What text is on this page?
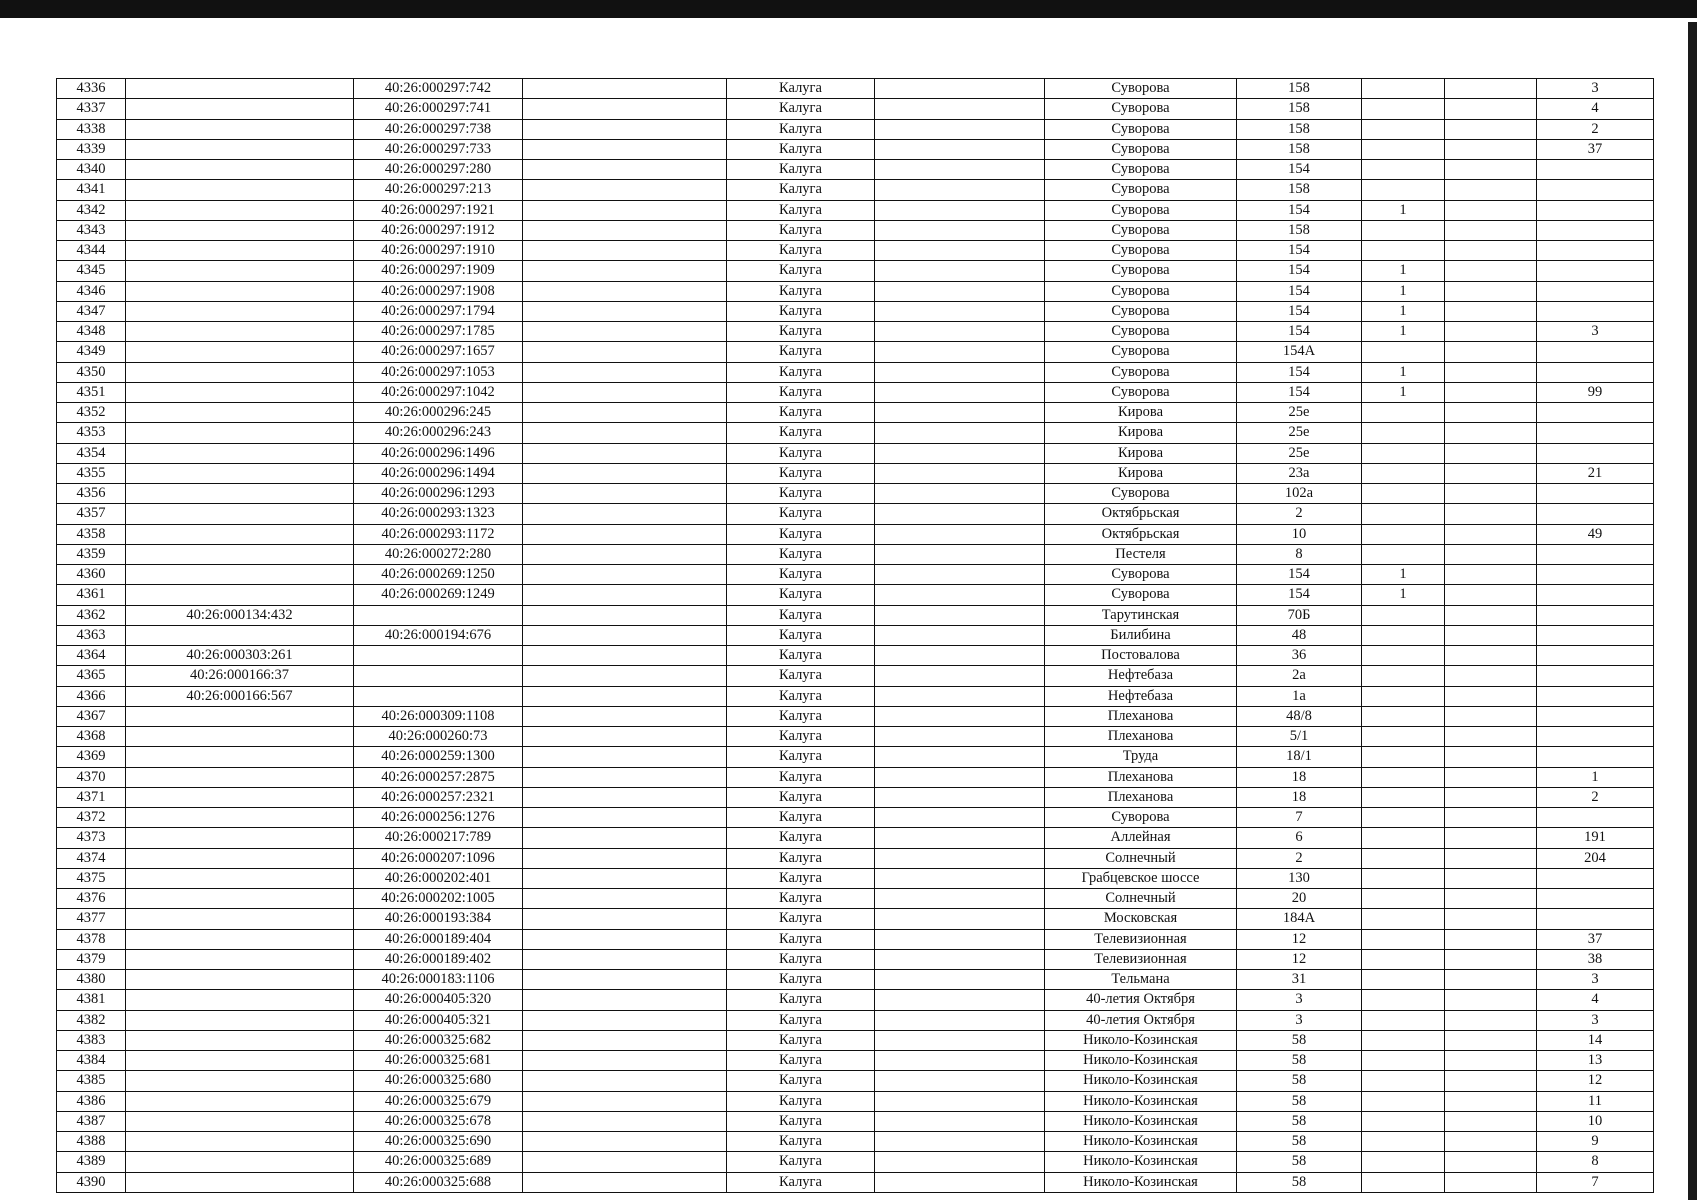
4336		40:26:000297:742		Калуга		Суворова	158			3
4337		40:26:000297:741		Калуга		Суворова	158			4
4338		40:26:000297:738		Калуга		Суворова	158			2
4339		40:26:000297:733		Калуга		Суворова	158			37
4340		40:26:000297:280		Калуга		Суворова	154			
4341		40:26:000297:213		Калуга		Суворова	158			
4342		40:26:000297:1921		Калуга		Суворова	154	1		
4343		40:26:000297:1912		Калуга		Суворова	158			
4344		40:26:000297:1910		Калуга		Суворова	154			
4345		40:26:000297:1909		Калуга		Суворова	154	1		
4346		40:26:000297:1908		Калуга		Суворова	154	1		
4347		40:26:000297:1794		Калуга		Суворова	154	1		
4348		40:26:000297:1785		Калуга		Суворова	154	1		3
4349		40:26:000297:1657		Калуга		Суворова	154А			
4350		40:26:000297:1053		Калуга		Суворова	154	1		
4351		40:26:000297:1042		Калуга		Суворова	154	1		99
4352		40:26:000296:245		Калуга		Кирова	25е			
4353		40:26:000296:243		Калуга		Кирова	25е			
4354		40:26:000296:1496		Калуга		Кирова	25е			
4355		40:26:000296:1494		Калуга		Кирова	23а			21
4356		40:26:000296:1293		Калуга		Суворова	102а			
4357		40:26:000293:1323		Калуга		Октябрьская	2			
4358		40:26:000293:1172		Калуга		Октябрьская	10			49
4359		40:26:000272:280		Калуга		Пестеля	8			
4360		40:26:000269:1250		Калуга		Суворова	154	1		
4361		40:26:000269:1249		Калуга		Суворова	154	1		
4362	40:26:000134:432			Калуга		Тарутинская	70Б			
4363		40:26:000194:676		Калуга		Билибина	48			
4364	40:26:000303:261			Калуга		Постовалова	36			
4365	40:26:000166:37			Калуга		Нефтебаза	2а			
4366	40:26:000166:567			Калуга		Нефтебаза	1а			
4367		40:26:000309:1108		Калуга		Плеханова	48/8			
4368		40:26:000260:73		Калуга		Плеханова	5/1			
4369		40:26:000259:1300		Калуга		Труда	18/1			
4370		40:26:000257:2875		Калуга		Плеханова	18			1
4371		40:26:000257:2321		Калуга		Плеханова	18			2
4372		40:26:000256:1276		Калуга		Суворова	7			
4373		40:26:000217:789		Калуга		Аллейная	6			191
4374		40:26:000207:1096		Калуга		Солнечный	2			204
4375		40:26:000202:401		Калуга		Грабцевское шоссе	130			
4376		40:26:000202:1005		Калуга		Солнечный	20			
4377		40:26:000193:384		Калуга		Московская	184А			
4378		40:26:000189:404		Калуга		Телевизионная	12			37
4379		40:26:000189:402		Калуга		Телевизионная	12			38
4380		40:26:000183:1106		Калуга		Тельмана	31			3
4381		40:26:000405:320		Калуга		40-летия Октября	3			4
4382		40:26:000405:321		Калуга		40-летия Октября	3			3
4383		40:26:000325:682		Калуга		Николо-Козинская	58			14
4384		40:26:000325:681		Калуга		Николо-Козинская	58			13
4385		40:26:000325:680		Калуга		Николо-Козинская	58			12
4386		40:26:000325:679		Калуга		Николо-Козинская	58			11
4387		40:26:000325:678		Калуга		Николо-Козинская	58			10
4388		40:26:000325:690		Калуга		Николо-Козинская	58			9
4389		40:26:000325:689		Калуга		Николо-Козинская	58			8
4390		40:26:000325:688		Калуга		Николо-Козинская	58			7
